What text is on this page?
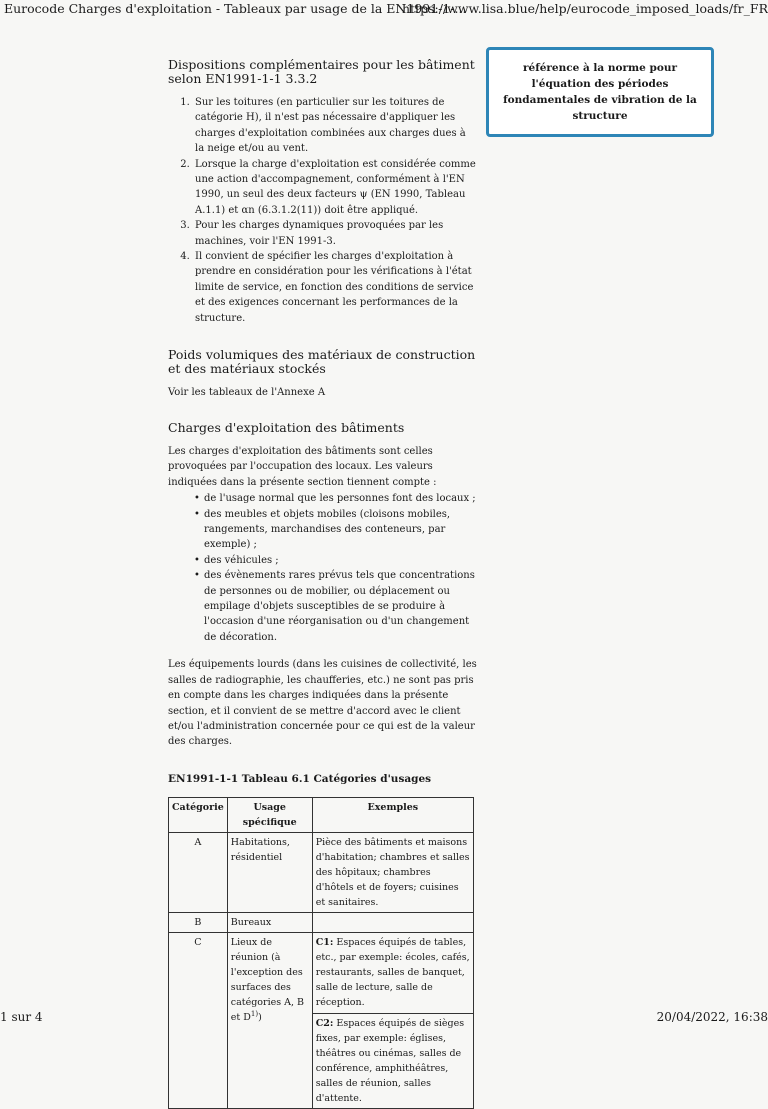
Eurocode Charges d'exploitation - Tableaux par usage de la EN1991-1-...
https://www.lisa.blue/help/eurocode_imposed_loads/fr_FR
référence à la norme pour l'équation des périodes fondamentales de vibration de la structure
Dispositions complémentaires pour les bâtiment selon EN1991-1-1 3.3.2
1. Sur les toitures (en particulier sur les toitures de catégorie H), il n'est pas nécessaire d'appliquer les charges d'exploitation combinées aux charges dues à la neige et/ou au vent.
2. Lorsque la charge d'exploitation est considérée comme une action d'accompagnement, conformément à l'EN 1990, un seul des deux facteurs ψ (EN 1990, Tableau A.1.1) et αn (6.3.1.2(11)) doit être appliqué.
3. Pour les charges dynamiques provoquées par les machines, voir l'EN 1991-3.
4. Il convient de spécifier les charges d'exploitation à prendre en considération pour les vérifications à l'état limite de service, en fonction des conditions de service et des exigences concernant les performances de la structure.
Poids volumiques des matériaux de construction et des matériaux stockés

Voir les tableaux de l'Annexe A

Charges d'exploitation des bâtiments

Les charges d'exploitation des bâtiments sont celles provoquées par l'occupation des locaux. Les valeurs indiquées dans la présente section tiennent compte :

• de l'usage normal que les personnes font des locaux ;
• des meubles et objets mobiles (cloisons mobiles, rangements, marchandises des conteneurs, par exemple) ;
• des véhicules ;
• des évènements rares prévus tels que concentrations de personnes ou de mobilier, ou déplacement ou empilage d'objets susceptibles de se produire à l'occasion d'une réorganisation ou d'un changement de décoration.

Les équipements lourds (dans les cuisines de collectivité, les salles de radiographie, les chaufferies, etc.) ne sont pas pris en compte dans les charges indiquées dans la présente section, et il convient de se mettre d'accord avec le client et/ou l'administration concernée pour ce qui est de la valeur des charges.

EN1991-1-1 Tableau 6.1 Catégories d'usages
Catégorie	Usage spécifique	Exemples
A	Habitations, résidentiel	Pièce des bâtiments et maisons d'habitation; chambres et salles des hôpitaux; chambres d'hôtels et de foyers; cuisines et sanitaires.
B	Bureaux	
C	Lieux de réunion (à l'exception des surfaces des catégories A, B et $D^{1)}$)	C1: Espaces équipés de tables, etc., par exemple: écoles, cafés, restaurants, salles de banquet, salle de lecture, salle de réception.
C2: Espaces équipés de sièges fixes, par exemple: églises, théâtres ou cinémas, salles de conférence, amphithéâtres, salles de réunion, salles d'attente.
1 sur 4	20/04/2022, 16:38
